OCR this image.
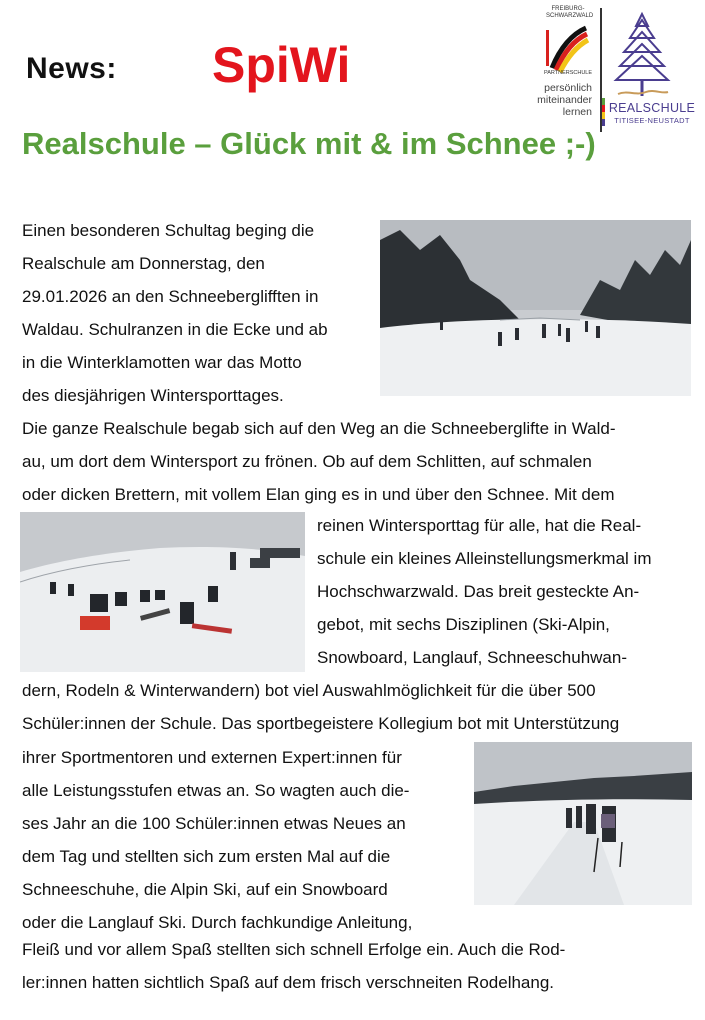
News: SpiWi
FREIBURG-SCHWARZWALD
PARTNERSCHULE
persönlich
miteinander
lernen	REALSCHULE
TITISEE-NEUSTADT
Realschule – Glück mit & im Schnee ;-)
Einen besonderen Schultag beging die
Realschule am Donnerstag, den
29.01.2026 an den Schneeberglifften in
Waldau. Schulranzen in die Ecke und ab
in die Winterklamotten war das Motto
des diesjährigen Wintersporttages.
Die ganze Realschule begab sich auf den Weg an die Schneeberglifte in Wald-
au, um dort dem Wintersport zu frönen. Ob auf dem Schlitten, auf schmalen
oder dicken Brettern, mit vollem Elan ging es in und über den Schnee. Mit dem
reinen Wintersporttag für alle, hat die Real-
schule ein kleines Alleinstellungsmerkmal im
Hochschwarzwald. Das breit gesteckte An-
gebot, mit sechs Disziplinen (Ski-Alpin,
Snowboard, Langlauf, Schneeschuhwan-
dern, Rodeln & Winterwandern) bot viel Auswahlmöglichkeit für die über 500
Schüler:innen der Schule. Das sportbegeistere Kollegium bot mit Unterstützung
ihrer Sportmentoren und externen Expert:innen für
alle Leistungsstufen etwas an. So wagten auch die-
ses Jahr an die 100 Schüler:innen etwas Neues an
dem Tag und stellten sich zum ersten Mal auf die
Schneeschuhe, die Alpin Ski, auf ein Snowboard
oder die Langlauf Ski. Durch fachkundige Anleitung,
Fleiß und vor allem Spaß stellten sich schnell Erfolge ein. Auch die Rod-
ler:innen hatten sichtlich Spaß auf dem frisch verschneiten Rodelhang.
